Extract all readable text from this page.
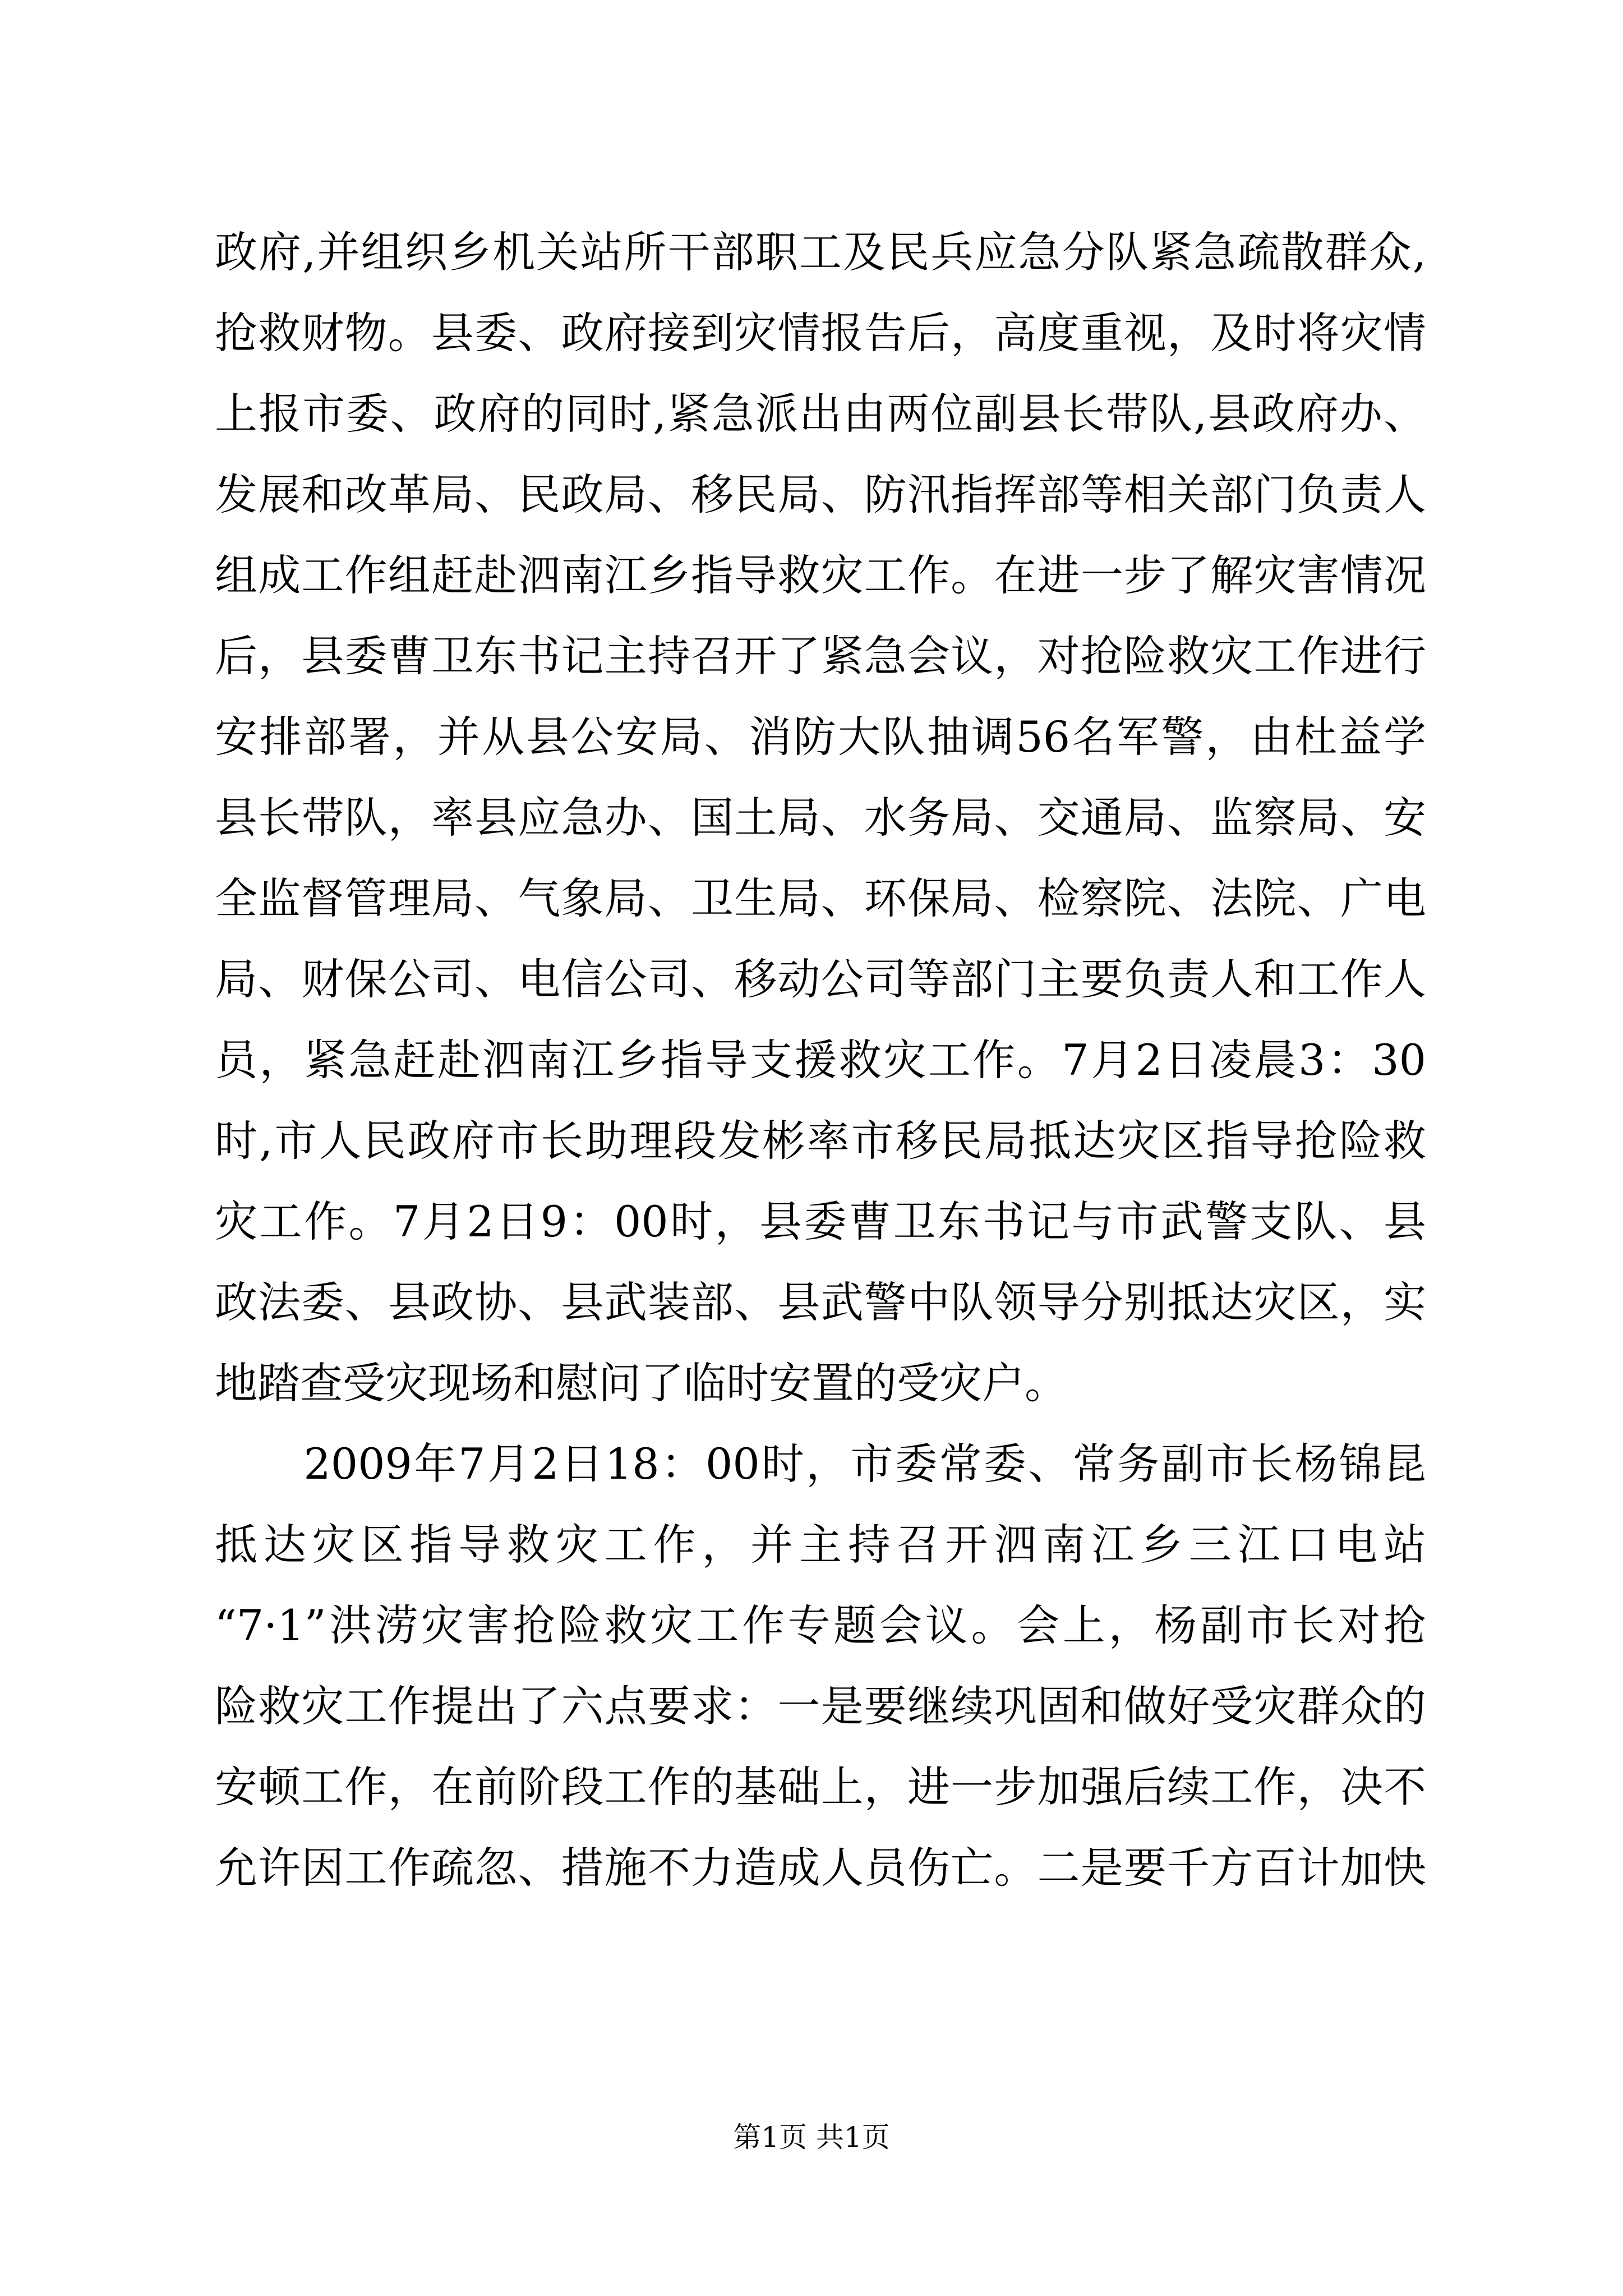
政府,并组织乡机关站所干部职工及民兵应急分队紧急疏散群众,
抢救财物。县委、政府接到灾情报告后，高度重视，及时将灾情
上报市委、政府的同时,紧急派出由两位副县长带队,县政府办、
发展和改革局、民政局、移民局、防汛指挥部等相关部门负责人
组成工作组赶赴泗南江乡指导救灾工作。在进一步了解灾害情况
后，县委曹卫东书记主持召开了紧急会议，对抢险救灾工作进行
安排部署，并从县公安局、消防大队抽调56名军警，由杜益学
县长带队，率县应急办、国土局、水务局、交通局、监察局、安
全监督管理局、气象局、卫生局、环保局、检察院、法院、广电
局、财保公司、电信公司、移动公司等部门主要负责人和工作人
员，紧急赶赴泗南江乡指导支援救灾工作。7月2日凌晨3：30
时,市人民政府市长助理段发彬率市移民局抵达灾区指导抢险救
灾工作。7月2日9：00时，县委曹卫东书记与市武警支队、县
政法委、县政协、县武装部、县武警中队领导分别抵达灾区，实
地踏查受灾现场和慰问了临时安置的受灾户。
　　2009年7月2日18：00时，市委常委、常务副市长杨锦昆
抵达灾区指导救灾工作，并主持召开泗南江乡三江口电站
“7·1”洪涝灾害抢险救灾工作专题会议。会上，杨副市长对抢
险救灾工作提出了六点要求：一是要继续巩固和做好受灾群众的
安顿工作，在前阶段工作的基础上，进一步加强后续工作，决不
允许因工作疏忽、措施不力造成人员伤亡。二是要千方百计加快
第1页 共1页
